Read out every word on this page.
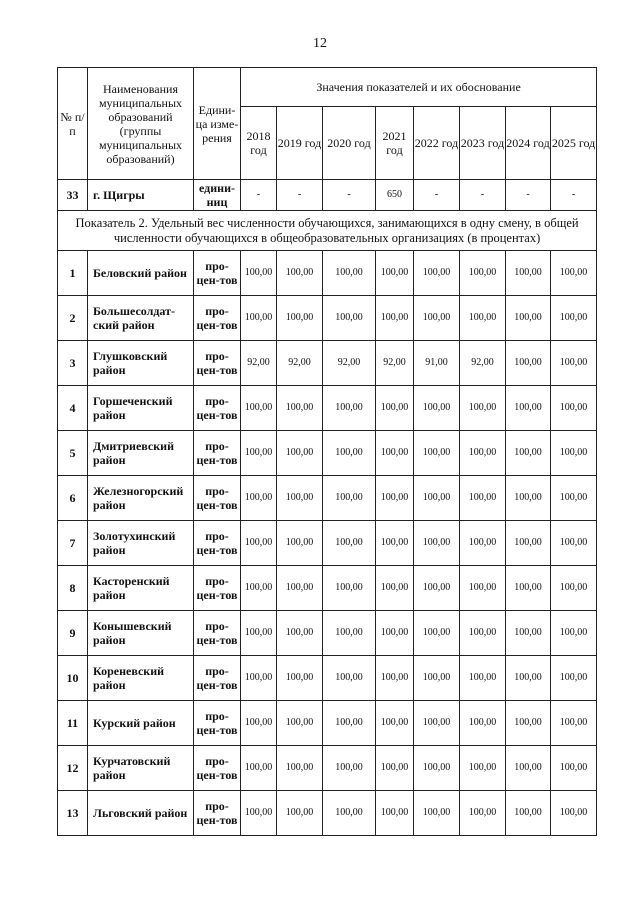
12
№ п/п	Наименования муниципальных образований (группы муниципальных образований)	Едини-ца изме-рения	Значения показателей и их обоснование							
			2018 год	2019 год	2020 год	2021 год	2022 год	2023 год	2024 год	2025 год
33	г. Щигры	едини-ниц	-	-	-	650	-	-	-	-
Показатель 2. Удельный вес численности обучающихся, занимающихся в одну смену, в общей численности обучающихся в общеобразовательных организациях (в процентах)										
1	Беловский район	про-цен-тов	100,00	100,00	100,00	100,00	100,00	100,00	100,00	100,00
2	Большесолдат-ский район	про-цен-тов	100,00	100,00	100,00	100,00	100,00	100,00	100,00	100,00
3	Глушковский район	про-цен-тов	92,00	92,00	92,00	92,00	91,00	92,00	100,00	100,00
4	Горшеченский район	про-цен-тов	100,00	100,00	100,00	100,00	100,00	100,00	100,00	100,00
5	Дмитриевский район	про-цен-тов	100,00	100,00	100,00	100,00	100,00	100,00	100,00	100,00
6	Железногорский район	про-цен-тов	100,00	100,00	100,00	100,00	100,00	100,00	100,00	100,00
7	Золотухинский район	про-цен-тов	100,00	100,00	100,00	100,00	100,00	100,00	100,00	100,00
8	Касторенский район	про-цен-тов	100,00	100,00	100,00	100,00	100,00	100,00	100,00	100,00
9	Конышевский район	про-цен-тов	100,00	100,00	100,00	100,00	100,00	100,00	100,00	100,00
10	Кореневский район	про-цен-тов	100,00	100,00	100,00	100,00	100,00	100,00	100,00	100,00
11	Курский район	про-цен-тов	100,00	100,00	100,00	100,00	100,00	100,00	100,00	100,00
12	Курчатовский район	про-цен-тов	100,00	100,00	100,00	100,00	100,00	100,00	100,00	100,00
13	Льговский район	про-цен-тов	100,00	100,00	100,00	100,00	100,00	100,00	100,00	100,00
